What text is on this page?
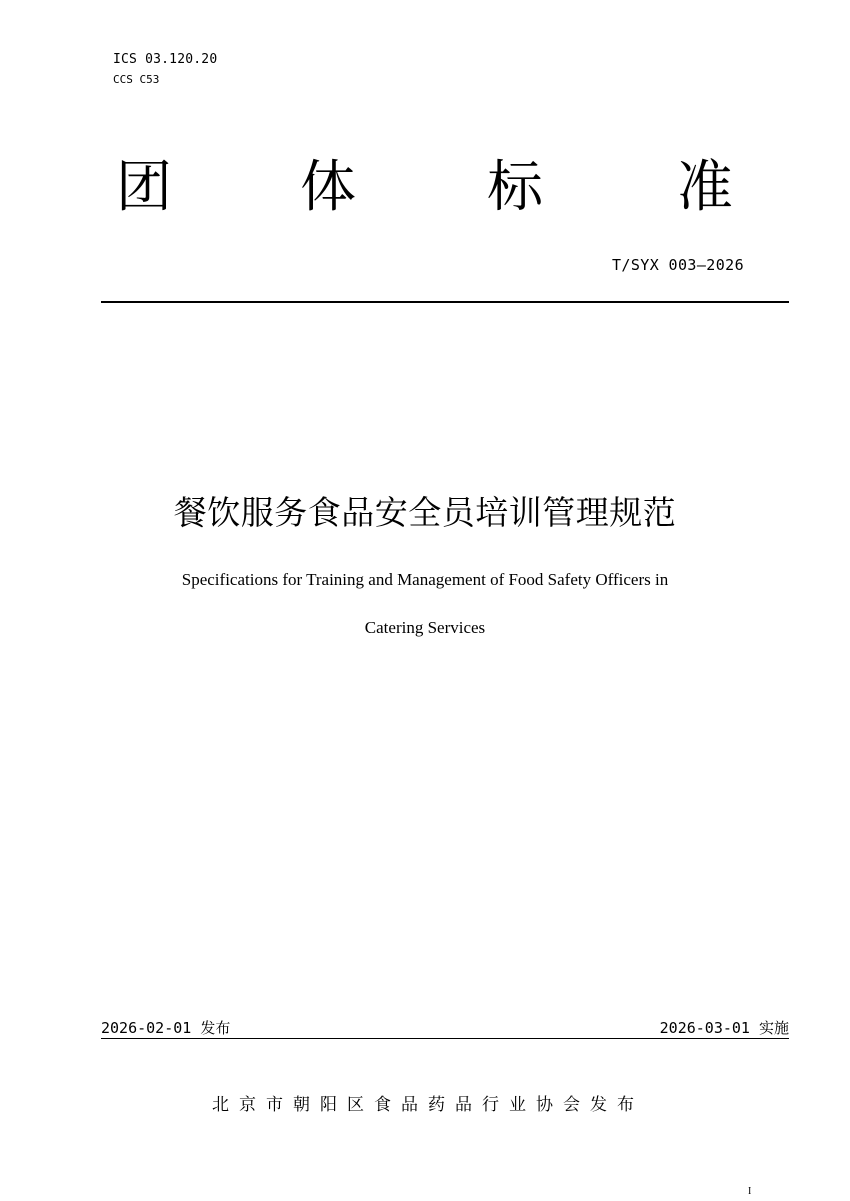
ICS 03.120.20
CCS C53
团 体 标 准
T/SYX 003—2026
餐饮服务食品安全员培训管理规范
Specifications for Training and Management of Food Safety Officers in
Catering Services
2026-02-01 发布	2026-03-01 实施
北京市朝阳区食品药品行业协会发布
I
